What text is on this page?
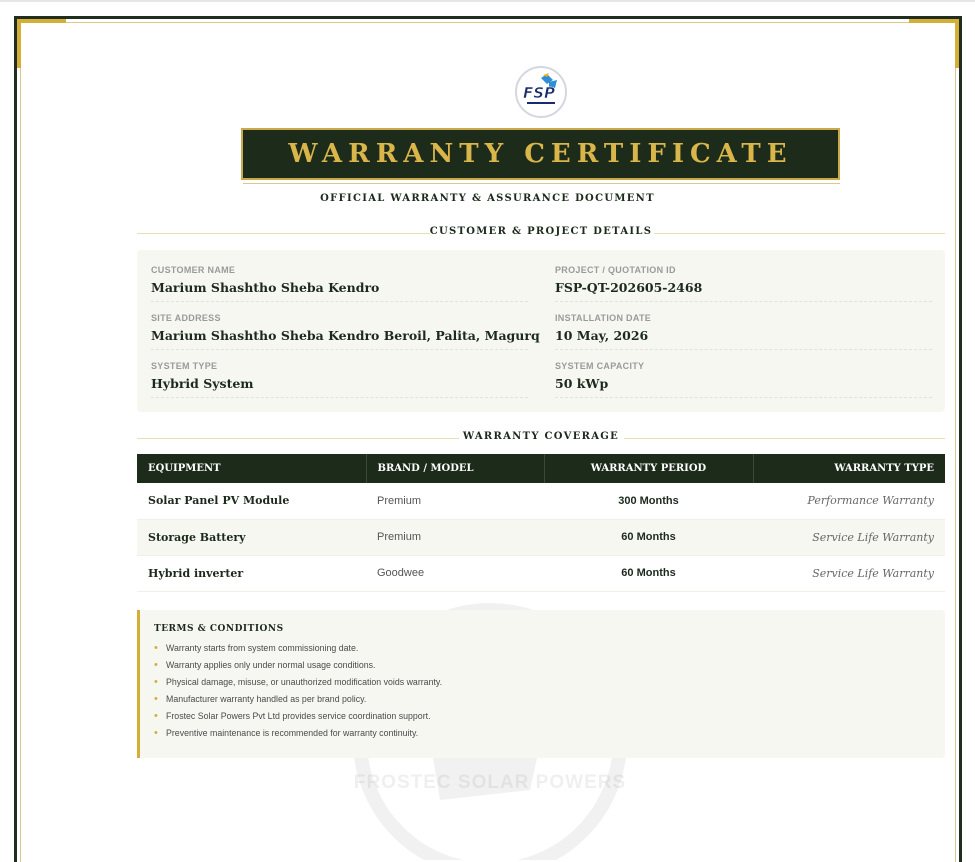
FROSTEC SOLAR POWERS
FSP
WARRANTY CERTIFICATE
OFFICIAL WARRANTY & ASSURANCE DOCUMENT
CUSTOMER & PROJECT DETAILS
CUSTOMER NAME
Marium Shashtho Sheba Kendro
PROJECT / QUOTATION ID
FSP-QT-202605-2468
SITE ADDRESS
Marium Shashtho Sheba Kendro Beroil, Palita, Magurq
INSTALLATION DATE
10 May, 2026
SYSTEM TYPE
Hybrid System
SYSTEM CAPACITY
50 kWp
WARRANTY COVERAGE
EQUIPMENT	BRAND / MODEL	WARRANTY PERIOD	WARRANTY TYPE
Solar Panel PV Module	Premium	300 Months	Performance Warranty
Storage Battery	Premium	60 Months	Service Life Warranty
Hybrid inverter	Goodwee	60 Months	Service Life Warranty
TERMS & CONDITIONS
• Warranty starts from system commissioning date.
• Warranty applies only under normal usage conditions.
• Physical damage, misuse, or unauthorized modification voids warranty.
• Manufacturer warranty handled as per brand policy.
• Frostec Solar Powers Pvt Ltd provides service coordination support.
• Preventive maintenance is recommended for warranty continuity.
